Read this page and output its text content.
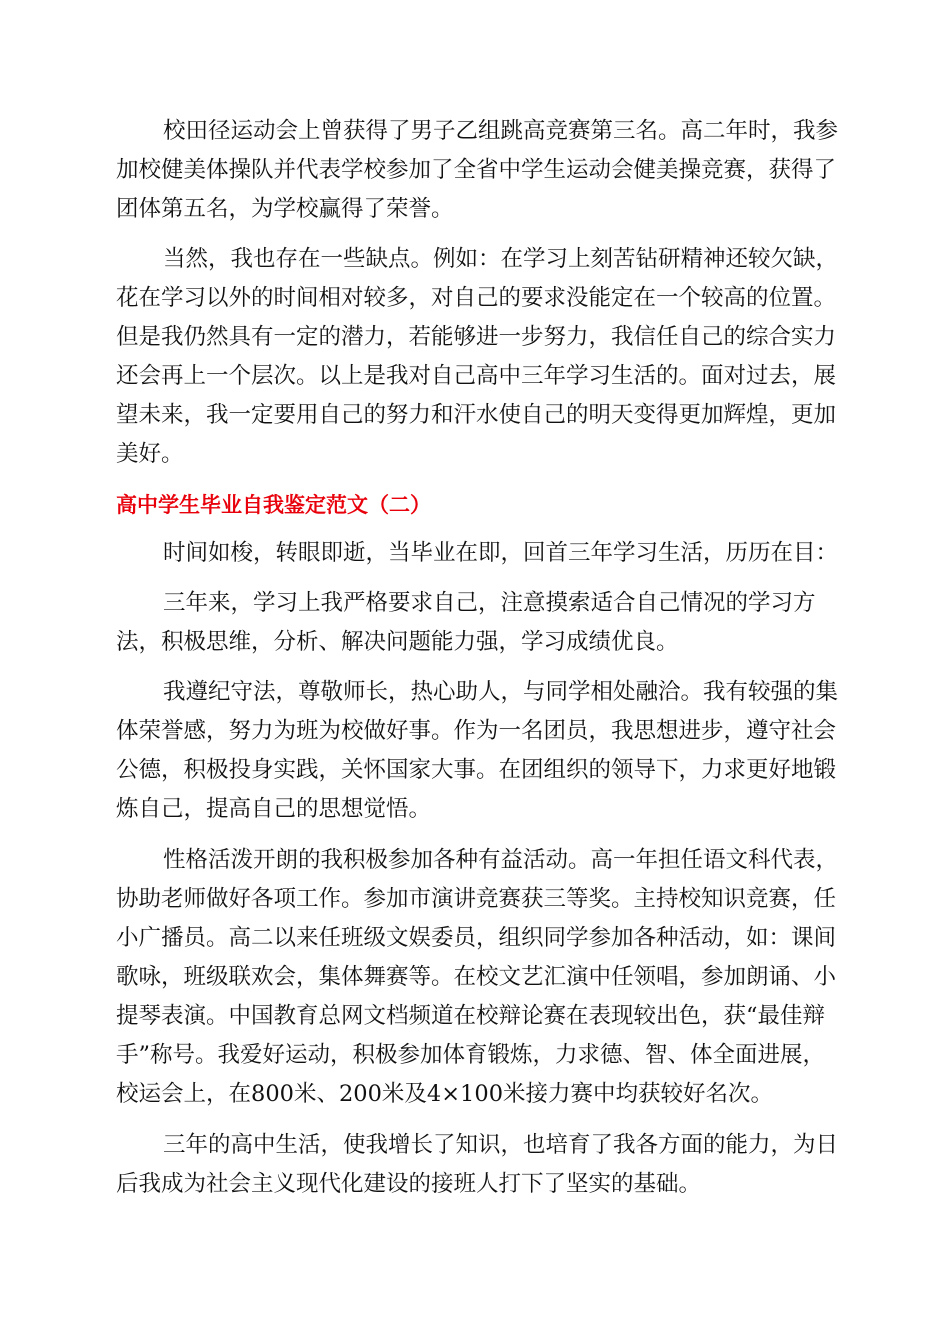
校田径运动会上曾获得了男子乙组跳高竞赛第三名。高二年时，我参
加校健美体操队并代表学校参加了全省中学生运动会健美操竞赛，获得了
团体第五名，为学校赢得了荣誉。
当然，我也存在一些缺点。例如：在学习上刻苦钻研精神还较欠缺，
花在学习以外的时间相对较多，对自己的要求没能定在一个较高的位置。
但是我仍然具有一定的潜力，若能够进一步努力，我信任自己的综合实力
还会再上一个层次。以上是我对自己高中三年学习生活的。面对过去，展
望未来，我一定要用自己的努力和汗水使自己的明天变得更加辉煌，更加
美好。
高中学生毕业自我鉴定范文（二）
时间如梭，转眼即逝，当毕业在即，回首三年学习生活，历历在目：
三年来，学习上我严格要求自己，注意摸索适合自己情况的学习方
法，积极思维，分析、解决问题能力强，学习成绩优良。
我遵纪守法，尊敬师长，热心助人，与同学相处融洽。我有较强的集
体荣誉感，努力为班为校做好事。作为一名团员，我思想进步，遵守社会
公德，积极投身实践，关怀国家大事。在团组织的领导下，力求更好地锻
炼自己，提高自己的思想觉悟。
性格活泼开朗的我积极参加各种有益活动。高一年担任语文科代表，
协助老师做好各项工作。参加市演讲竞赛获三等奖。主持校知识竞赛，任
小广播员。高二以来任班级文娱委员，组织同学参加各种活动，如：课间
歌咏，班级联欢会，集体舞赛等。在校文艺汇演中任领唱，参加朗诵、小
提琴表演。中国教育总网文档频道在校辩论赛在表现较出色，获“最佳辩
手”称号。我爱好运动，积极参加体育锻炼，力求德、智、体全面进展，
校运会上，在800米、200米及4×100米接力赛中均获较好名次。
三年的高中生活，使我增长了知识，也培育了我各方面的能力，为日
后我成为社会主义现代化建设的接班人打下了坚实的基础。
